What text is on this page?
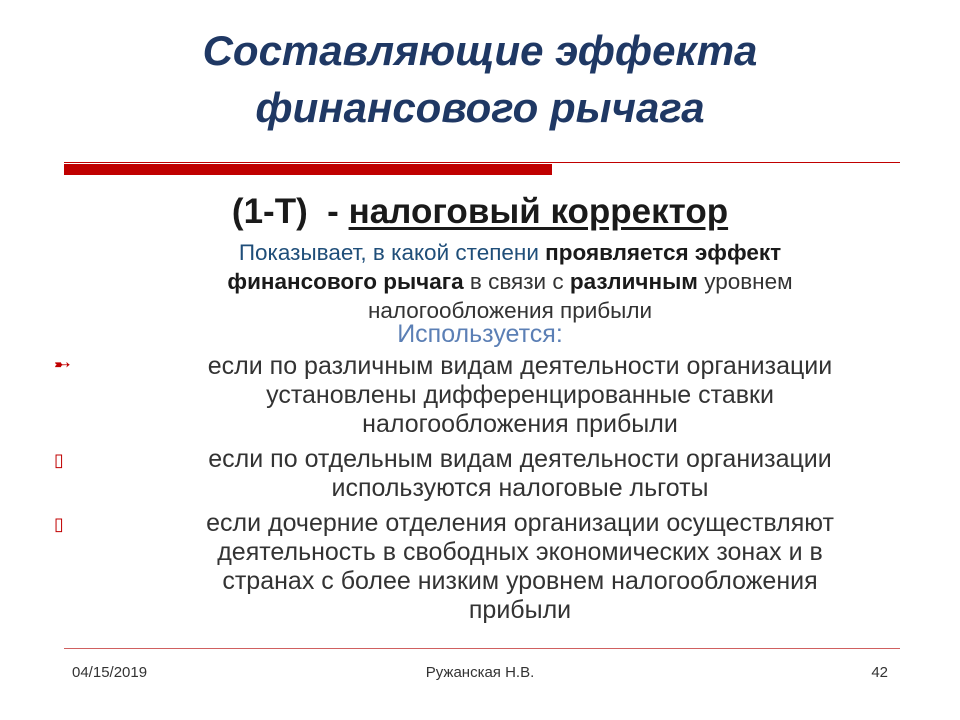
Составляющие эффекта
финансового рычага
(1-Т)  - налоговый корректор
Показывает, в какой степени проявляется эффект
финансового рычага в связи с различным уровнем
налогообложения прибыли
Используется:
➸	если по различным видам деятельности организации
установлены дифференцированные ставки
налогообложения прибыли
▯	если по отдельным видам деятельности организации
используются налоговые льготы
▯	если дочерние отделения организации осуществляют
деятельность в свободных экономических зонах и в
странах с более низким уровнем налогообложения
прибыли
04/15/2019	Ружанская Н.В.	42
